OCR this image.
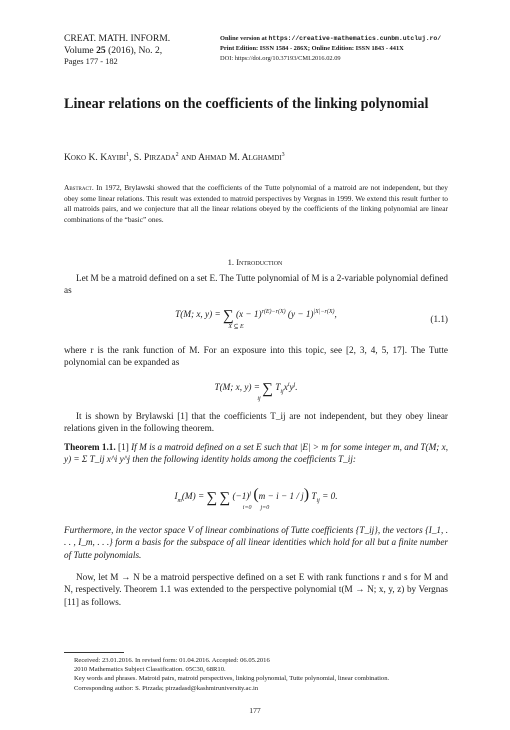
CREAT. MATH. INFORM.
Volume 25 (2016), No. 2,
Pages 177 - 182
Online version at https://creative-mathematics.cunbm.utcluj.ro/
Print Edition: ISSN 1584 - 286X; Online Edition: ISSN 1843 - 441X
DOI: https://doi.org/10.37193/CMI.2016.02.09
Linear relations on the coefficients of the linking polynomial
Koko K. Kayibi$^1$, S. Pirzada$^2$ and Ahmad M. Alghamdi$^3$
Abstract. In 1972, Brylawski showed that the coefficients of the Tutte polynomial of a matroid are not independent, but they obey some linear relations. This result was extended to matroid perspectives by Vergnas in 1999. We extend this result further to all matroids pairs, and we conjecture that all the linear relations obeyed by the coefficients of the linking polynomial are linear combinations of the “basic” ones.
1. Introduction
Let M be a matroid defined on a set E. The Tutte polynomial of M is a 2-variable polynomial defined as
T(M; x, y) = ∑ $(x - 1)^{r(E)-r(X)}$ $(y - 1)^{|X|-r(X)}$,
X ⊆ E
(1.1)
where r is the rank function of M. For an exposure into this topic, see [2, 3, 4, 5, 17]. The Tutte polynomial can be expanded as
T(M; x, y) = ∑ $T_{ij}x^iy^j$.
ij
It is shown by Brylawski [1] that the coefficients T_ij are not independent, but they obey linear relations given in the following theorem.
Theorem 1.1. [1] If M is a matroid defined on a set E such that |E| > m for some integer m, and T(M; x, y) = Σ T_ij x^i y^j then the following identity holds among the coefficients T_ij:
$I_m(M)$ = ∑ ∑ $(-1)^j$ (m − i − 1 / j) $T_{ij} = 0$.
i=0      j=0
Furthermore, in the vector space V of linear combinations of Tutte coefficients {T_ij}, the vectors {I_1, . . . , I_m, . . .} form a basis for the subspace of all linear identities which hold for all but a finite number of Tutte polynomials.
Now, let M → N be a matroid perspective defined on a set E with rank functions r and s for M and N, respectively. Theorem 1.1 was extended to the perspective polynomial t(M → N; x, y, z) by Vergnas [11] as follows.
Received: 23.01.2016. In revised form: 01.04.2016. Accepted: 06.05.2016
2010 Mathematics Subject Classification. 05C30, 68R10.
Key words and phrases. Matroid pairs, matroid perspectives, linking polynomial, Tutte polynomial, linear combination.
Corresponding author: S. Pirzada; pirzadasd@kashmiruniversity.ac.in
177
